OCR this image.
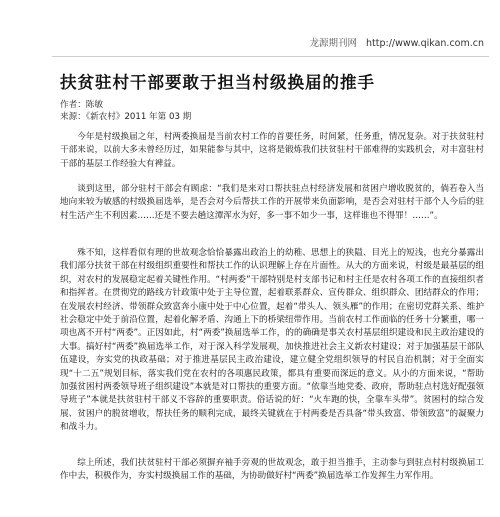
龙源期刊网 http://www.qikan.com.cn
扶贫驻村干部要敢于担当村级换届的推手
作者：陈敏
来源：《新农村》2011 年第 03 期

今年是村级换届之年，村两委换届是当前农村工作的首要任务，时间紧，任务重，情况复杂。对于扶贫驻村干部来说，以前大多未曾经历过，如果能参与其中，这将是锻炼我们扶贫驻村干部难得的实践机会，对丰富驻村干部的基层工作经验大有裨益。

谈到这里，部分驻村干部会有顾虑：“我们是来对口帮扶驻点村经济发展和贫困户增收脱贫的，倘若卷入当地向来较为敏感的村级换届选举，是否会对今后帮扶工作的开展带来负面影响，是否会对驻村干部个人今后的驻村生活产生不利因素……还是不要去趟这潭浑水为好，多一事不如少一事，这样谁也不得罪！……”。

殊不知，这样看似有理的世故观念恰恰暴露出政治上的幼稚、思想上的狭隘、目光上的短浅，也充分暴露出我们部分扶贫干部在村级组织重要性和帮扶工作的认识理解上存在片面性。从大的方面来说，村级是最基层的组织，对农村的发展稳定起着关键性作用。“村两委”干部特别是村支部书记和村主任是农村各项工作的直接组织者和指挥者。在贯彻党的路线方针政策中处于主导位置，起着联系群众、宣传群众、组织群众、团结群众的作用；在发展农村经济、带领群众致富奔小康中处于中心位置，起着“带头人、领头雁”的作用；在密切党群关系、维护社会稳定中处于前沿位置，起着化解矛盾、沟通上下的桥梁纽带作用。当前农村工作面临的任务十分繁重，哪一项也离不开村“两委”。正因如此，村“两委”换届选举工作，的的确确是事关农村基层组织建设和民主政治建设的大事。搞好村“两委”换届选举工作，对于深入科学发展观，加快推进社会主义新农村建设；对于加强基层干部队伍建设，夯实党的执政基础；对于推进基层民主政治建设，建立健全党组织领导的村民自治机制；对于全面实现“十二五”规划目标，落实我们党在农村的各项惠民政策，都具有重要而深远的意义。从小的方面来说，“帮助加强贫困村两委领导班子组织建设”本就是对口帮扶的重要方面。“依靠当地党委、政府，帮助驻点村选好配强领导班子”本就是扶贫驻村干部义不容辞的重要职责。俗话说的好：“火车跑的快，全靠车头带”。贫困村的综合发展、贫困户的脱贫增收，帮扶任务的顺利完成，最终关键就在于村两委是否具备“带头致富、带领致富”的凝聚力和战斗力。

综上所述，我们扶贫驻村干部必须摒弃袖手旁观的世故观念，敢于担当推手，主动参与到驻点村村级换届工作中去，积极作为，夯实村级换届工作的基础，为协助做好村“两委”换届选举工作发挥生力军作用。
